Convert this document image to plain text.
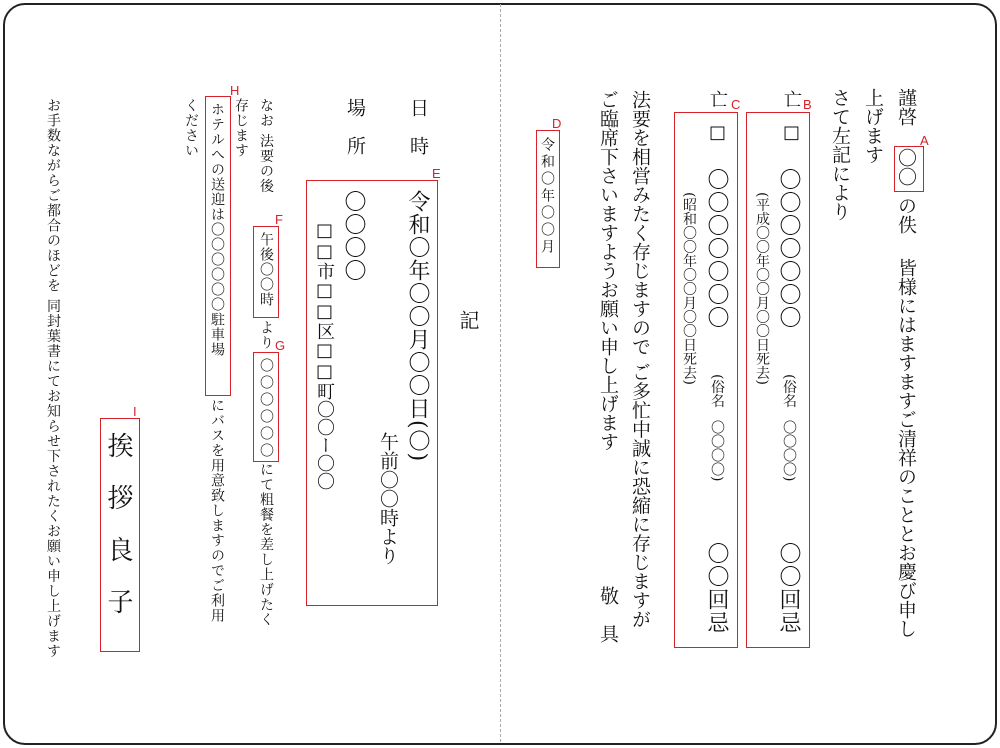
謹啓
A
〇〇
の佚
皆様にはますますご清祥のこととお慶び申し
上げます
さて左記により
B
亡
□
〇〇〇〇〇〇〇
(俗名
〇〇〇〇)
(平成〇〇年〇〇月〇〇日死去)
〇〇回忌
C
亡
□
〇〇〇〇〇〇〇
(俗名
〇〇〇〇)
(昭和〇〇年〇〇月〇〇日死去)
〇〇回忌
法要を相営みたく存じますので ご多忙中誠に恐縮に存じますが
ご臨席下さいますようお願い申し上げます
敬　具
D
令和〇年〇〇月
記
日　時
場　所
E
令和〇年〇〇月〇〇日(〇)
午前〇〇時より
〇〇〇〇
□□市□□区□□町〇〇ー〇〇
なお 法要の後
F
午後〇〇時
より G
〇〇〇〇〇〇
にて粗餐を差し上げたく
存じます
H
ホテルへの送迎は〇〇〇〇〇〇駐車場
にバスを用意致しますのでご利用
ください
I
挨拶良子
お手数ながらご都合のほどを 同封葉書にてお知らせ下されたくお願い申し上げます
